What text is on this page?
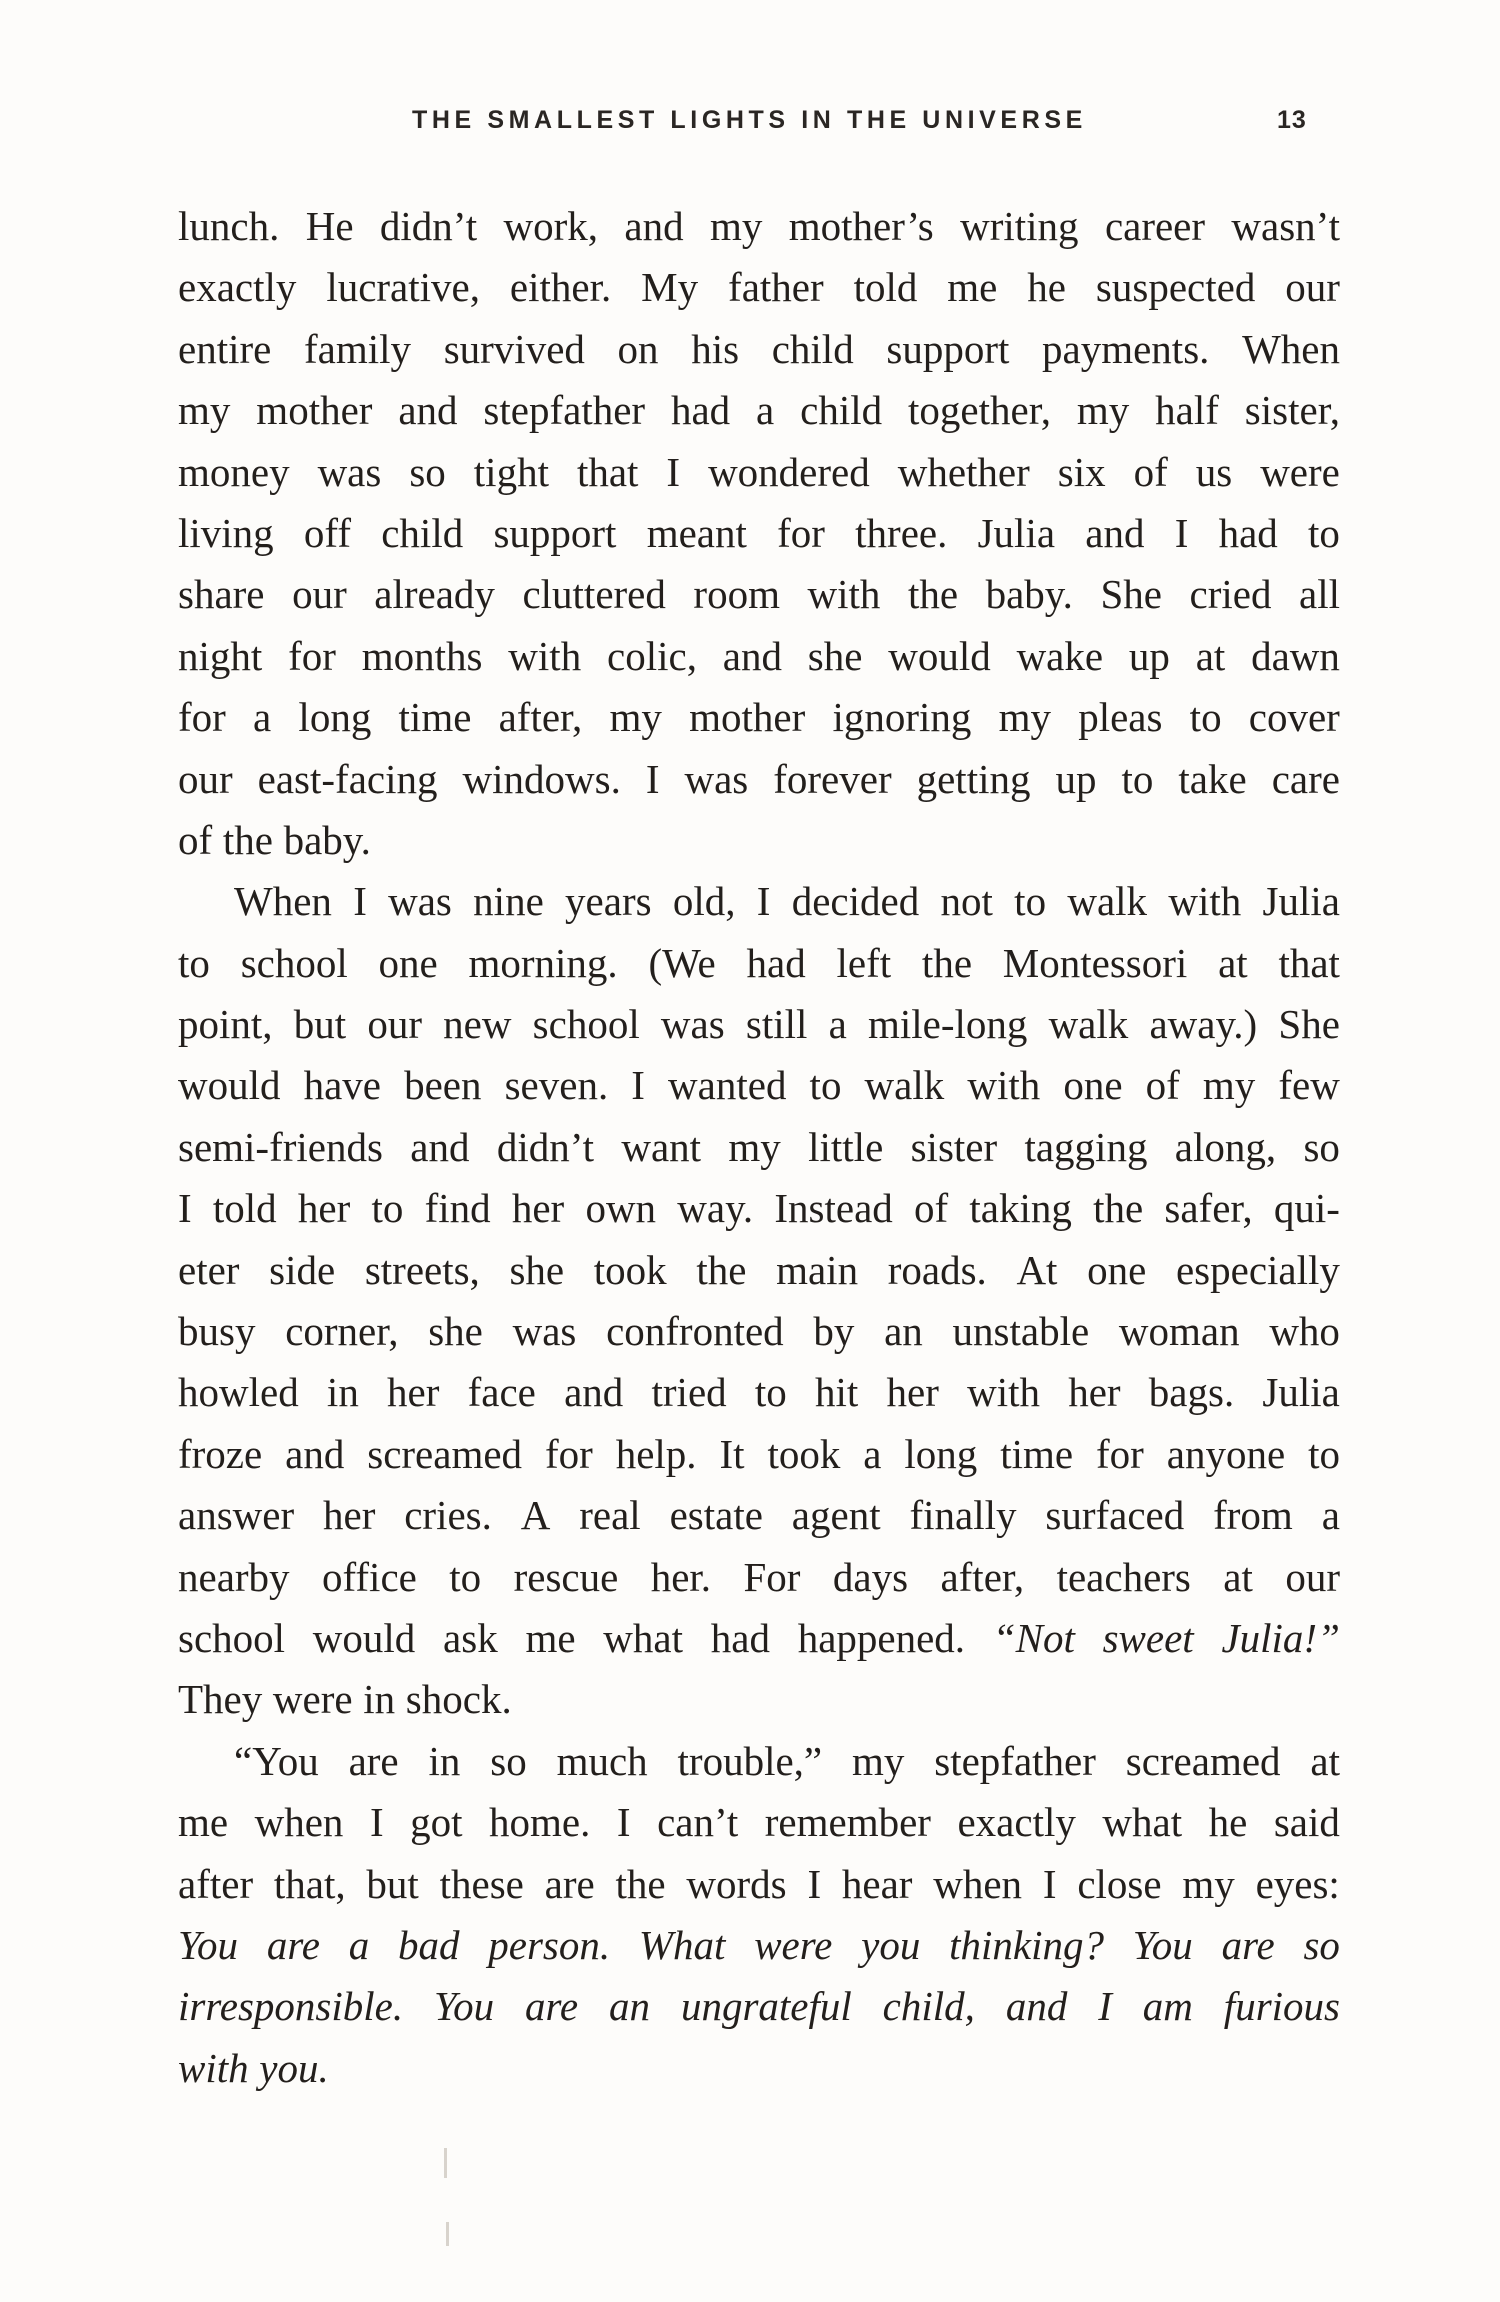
THE SMALLEST LIGHTS IN THE UNIVERSE	13
lunch. He didn’t work, and my mother’s writing career wasn’t
exactly lucrative, either. My father told me he suspected our
entire family survived on his child support payments. When
my mother and stepfather had a child together, my half sister,
money was so tight that I wondered whether six of us were
living off child support meant for three. Julia and I had to
share our already cluttered room with the baby. She cried all
night for months with colic, and she would wake up at dawn
for a long time after, my mother ignoring my pleas to cover
our east-facing windows. I was forever getting up to take care
of the baby.
When I was nine years old, I decided not to walk with Julia
to school one morning. (We had left the Montessori at that
point, but our new school was still a mile-long walk away.) She
would have been seven. I wanted to walk with one of my few
semi-friends and didn’t want my little sister tagging along, so
I told her to find her own way. Instead of taking the safer, qui-
eter side streets, she took the main roads. At one especially
busy corner, she was confronted by an unstable woman who
howled in her face and tried to hit her with her bags. Julia
froze and screamed for help. It took a long time for anyone to
answer her cries. A real estate agent finally surfaced from a
nearby office to rescue her. For days after, teachers at our
school would ask me what had happened. “Not sweet Julia!”
They were in shock.
“You are in so much trouble,” my stepfather screamed at
me when I got home. I can’t remember exactly what he said
after that, but these are the words I hear when I close my eyes:
You are a bad person. What were you thinking? You are so
irresponsible. You are an ungrateful child, and I am furious
with you.
